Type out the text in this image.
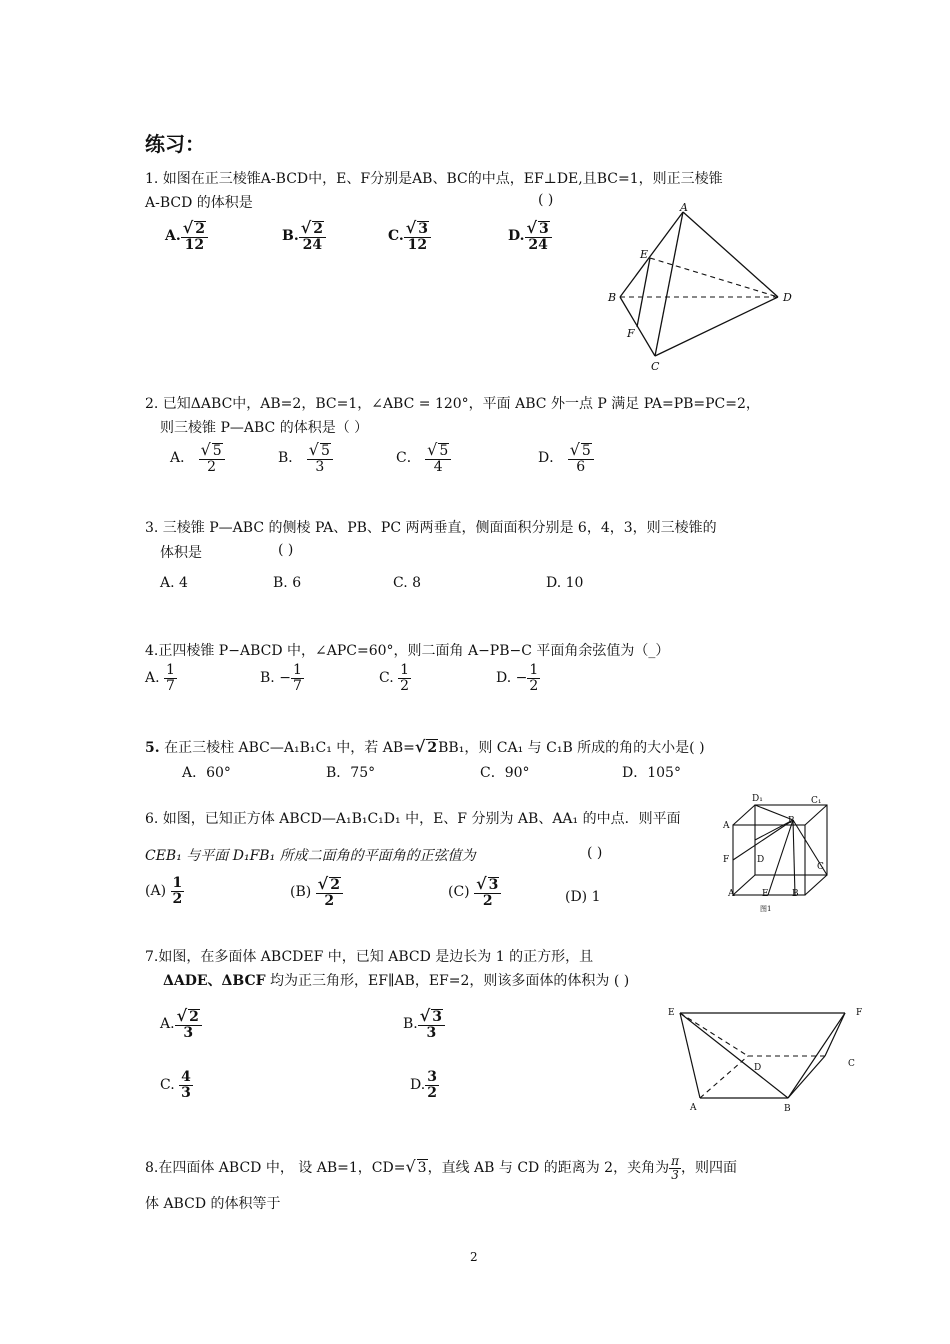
练习：
1. 如图在正三棱锥A-BCD中，E、F分别是AB、BC的中点，EF⊥DE,且BC=1，则正三棱锥
A-BCD 的体积是	( )
A. $\frac{√ 2}{12}$	B. $\frac{√ 2}{24}$	C. $\frac{√ 3}{12}$	D. $\frac{√ 3}{24}$
A
B
C
D
E
F
2. 已知ΔABC中，AB=2，BC=1，∠ABC = 120°，平面 ABC 外一点 P 满足 PA=PB=PC=2，
则三棱锥 P—ABC 的体积是（ ）
A． $\frac{√ 5}{2}$	B． $\frac{√ 5}{3}$	C． $\frac{√ 5}{4}$	D． $\frac{√ 5}{6}$
3. 三棱锥 P—ABC 的侧棱 PA、PB、PC 两两垂直，侧面面积分别是 6，4，3，则三棱锥的
体积是	( )
A. 4	B. 6	C. 8	D. 10
4.正四棱锥 P−ABCD 中，∠APC=60°，则二面角 A−PB−C 平面角余弦值为（_）
A. $\frac{1}{7}$	B. − $\frac{1}{7}$	C. $\frac{1}{2}$	D. − $\frac{1}{2}$
5. 在正三棱柱 ABC—A₁B₁C₁ 中，若 AB=√ 2BB₁，则 CA₁ 与 C₁B 所成的角的大小是( )
A．60°	B．75°	C．90°	D．105°
6. 如图，已知正方体 ABCD—A₁B₁C₁D₁ 中，E、F 分别为 AB、AA₁ 的中点．则平面
CEB₁ 与平面 D₁FB₁ 所成二面角的平面角的正弦值为	( )
$(A) \frac{1}{2}$	$(B) \frac{√ 2}{2}$	$(C) \frac{√ 3}{2}$	(D) 1
D₁	C₁
A	B
F	D
C
A	E	B
图1
7.如图，在多面体 ABCDEF 中，已知 ABCD 是边长为 1 的正方形，且
ΔADE、ΔBCF 均为正三角形，EF∥AB，EF=2，则该多面体的体积为 ( )
A. $\frac{√ 2}{3}$	B. $\frac{√ 3}{3}$
C. $\frac{4}{3}$	D. $\frac{3}{2}$
E	F
D	C
A	B
8.在四面体 ABCD 中， 设 AB=1，CD=√ 3，直线 AB 与 CD 的距离为 2，夹角为 $\frac{\pi}{3}$ ，则四面
体 ABCD 的体积等于
2
